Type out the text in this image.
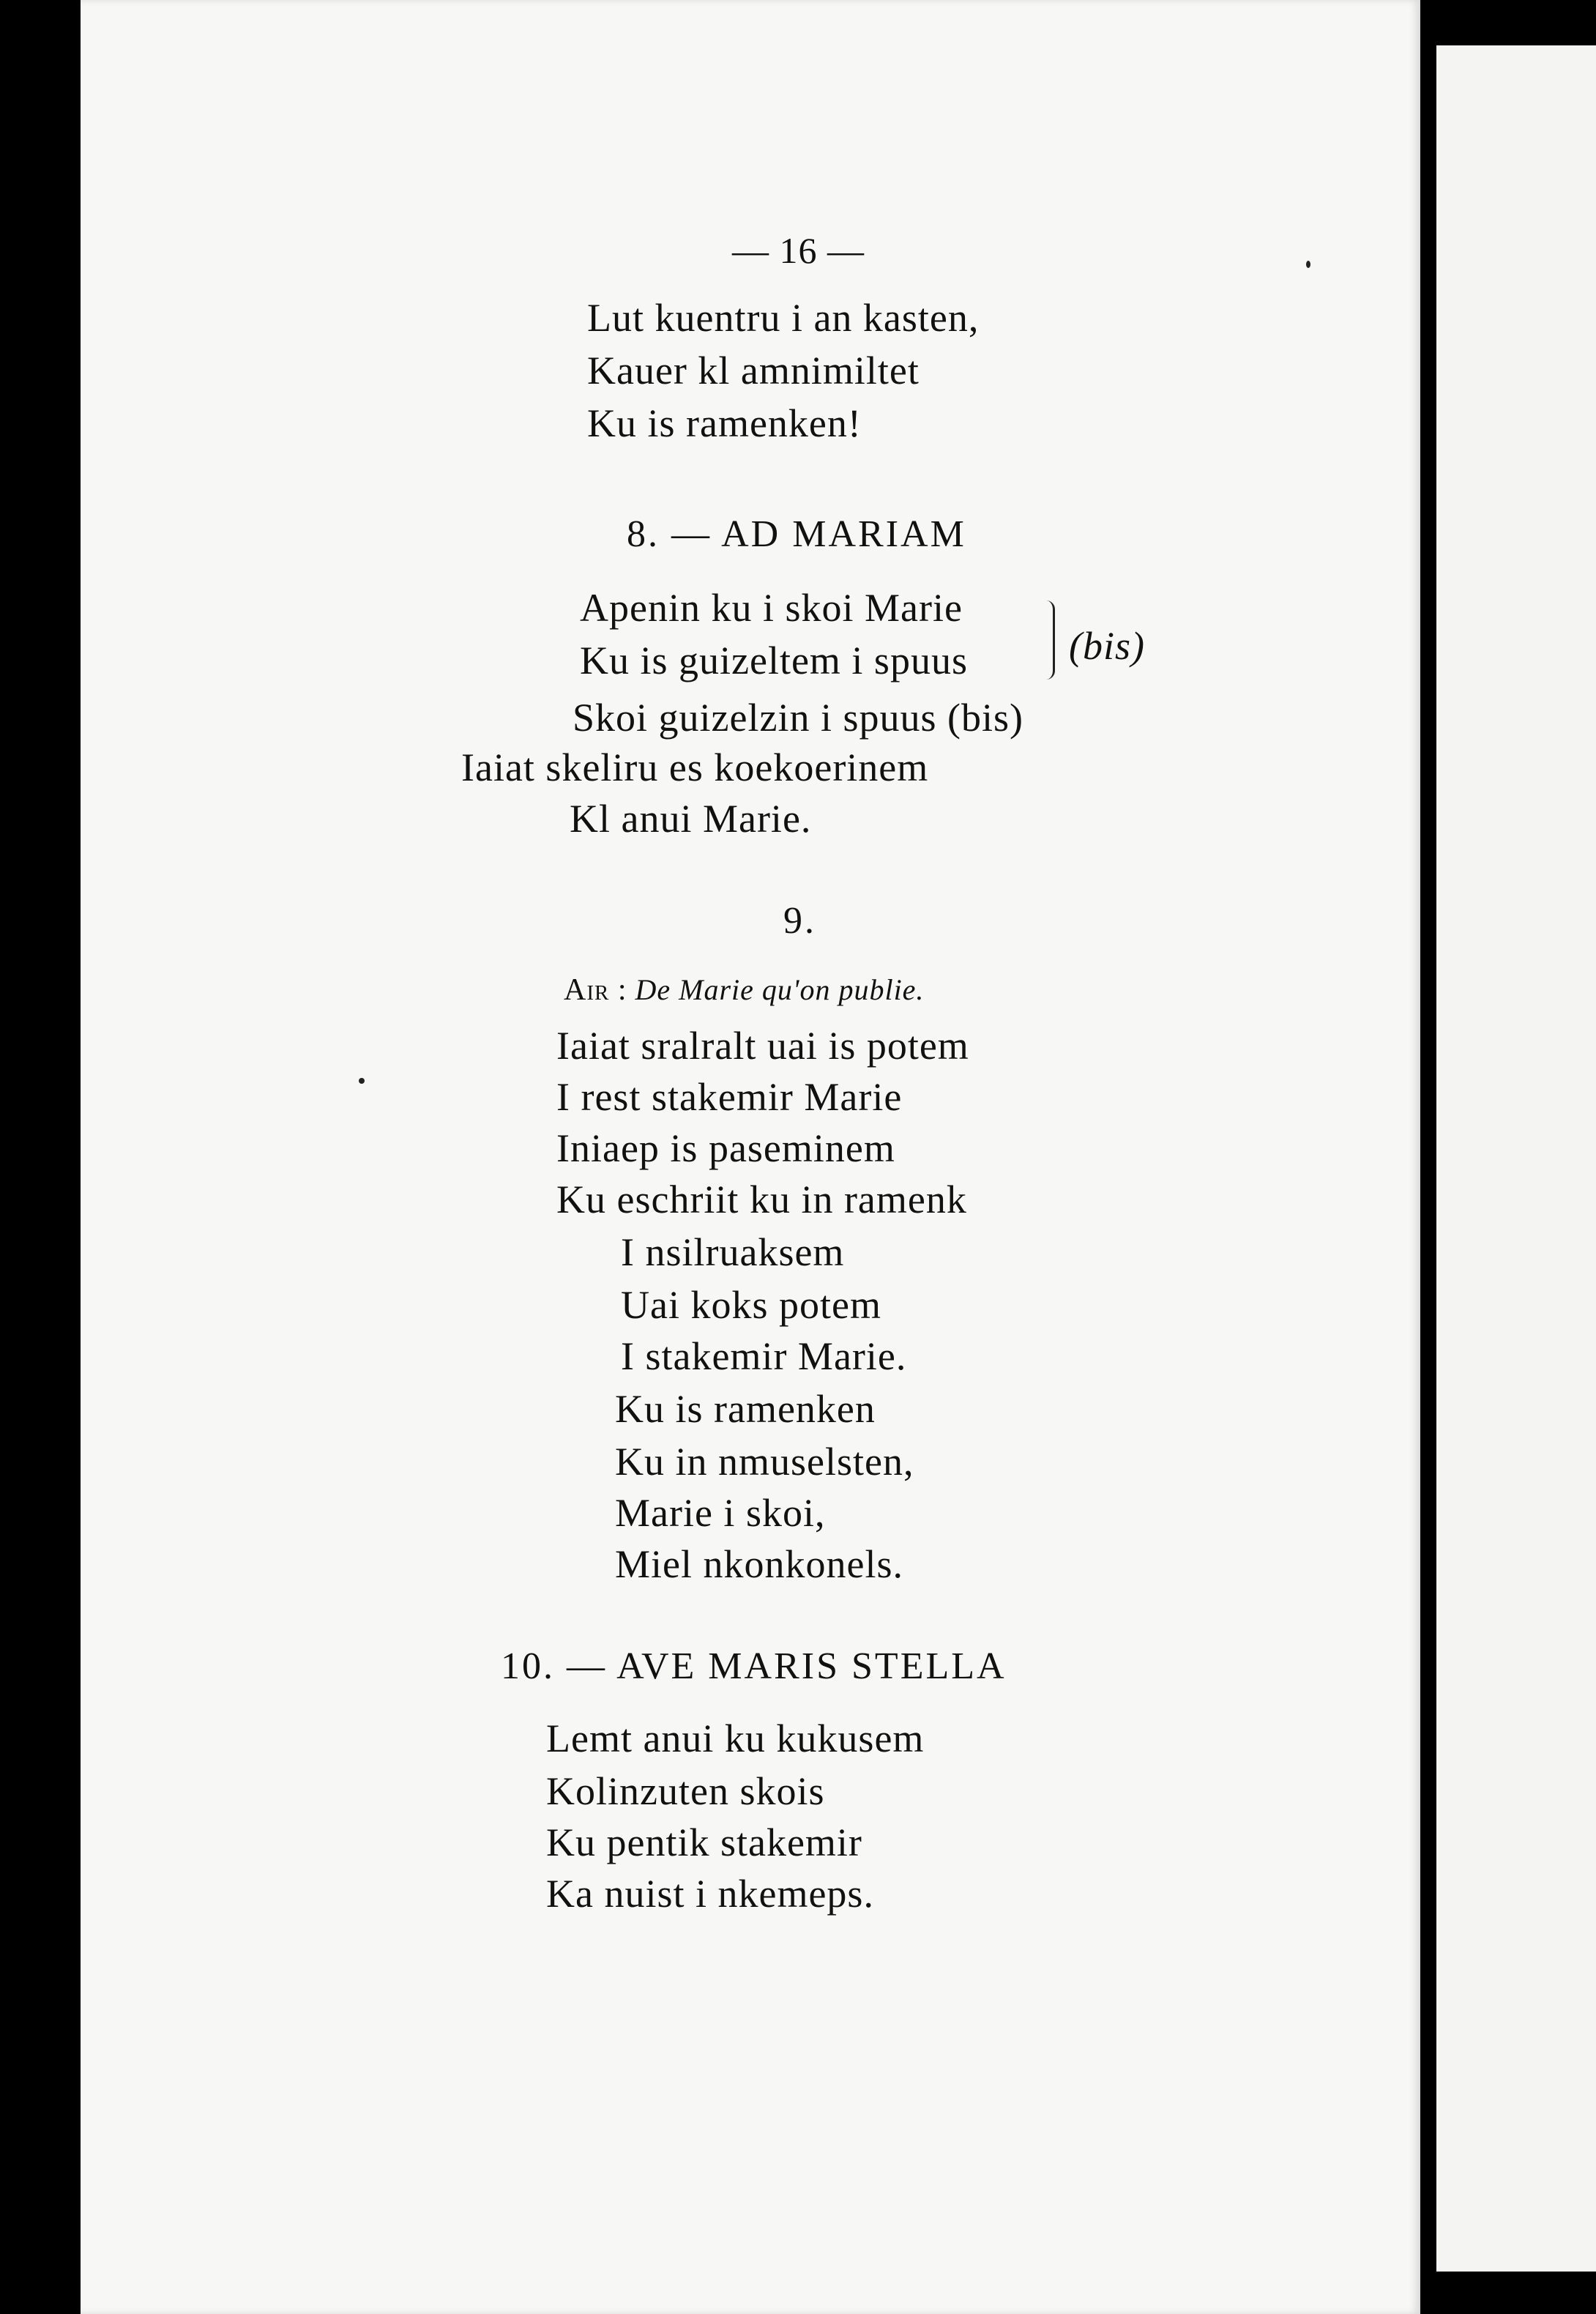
— 16 —
Lut kuentru i an kasten,
Kauer kl amnimiltet
Ku is ramenken!
8. — AD MARIAM
Apenin ku i skoi Marie
Ku is guizeltem i spuus	(bis)
Skoi guizelzin i spuus (bis)
Iaiat skeliru es koekoerinem
Kl anui Marie.
9.
Air : De Marie qu'on publie.
Iaiat sralralt uai is potem
I rest stakemir Marie
Iniaep is paseminem
Ku eschriit ku in ramenk
I nsilruaksem
Uai koks potem
I stakemir Marie.
Ku is ramenken
Ku in nmuselsten,
Marie i skoi,
Miel nkonkonels.
10. — AVE MARIS STELLA
Lemt anui ku kukusem
Kolinzuten skois
Ku pentik stakemir
Ka nuist i nkemeps.
